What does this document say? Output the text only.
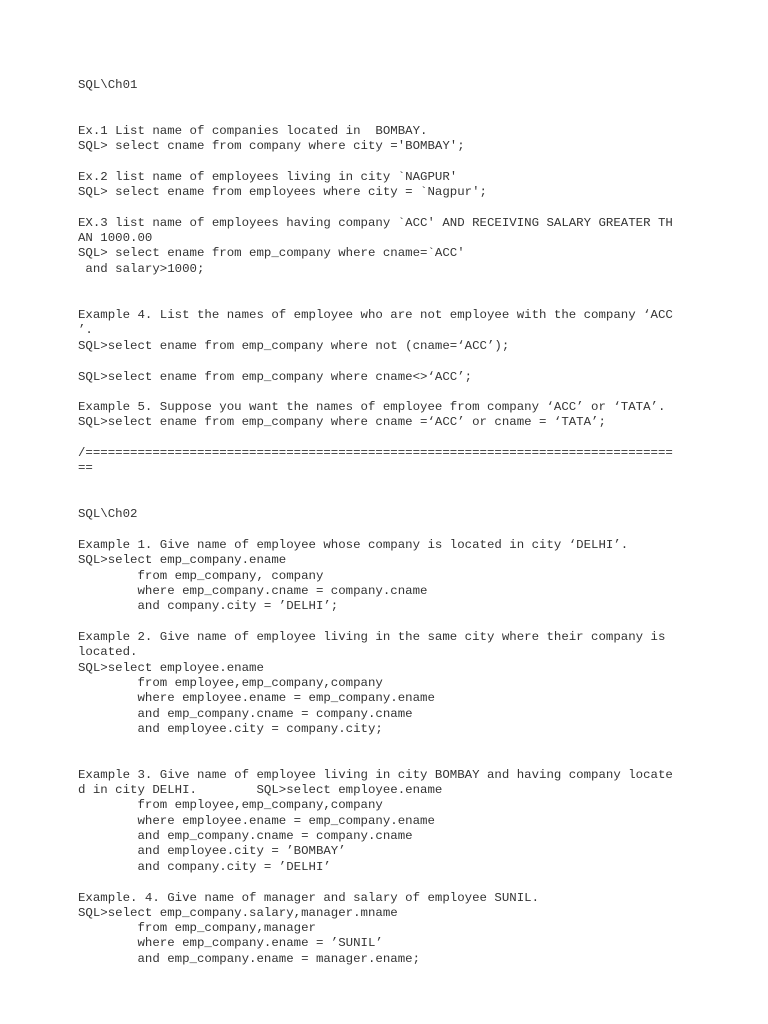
SQL\Ch01
Ex.1 List name of companies located in  BOMBAY.
SQL> select cname from company where city ='BOMBAY';
Ex.2 list name of employees living in city `NAGPUR'
SQL> select ename from employees where city = `Nagpur';
EX.3 list name of employees having company `ACC' AND RECEIVING SALARY GREATER TH
AN 1000.00
SQL> select ename from emp_company where cname=`ACC'
and salary>1000;
Example 4. List the names of employee who are not employee with the company ‘ACC
’.
SQL>select ename from emp_company where not (cname=‘ACC’);
SQL>select ename from emp_company where cname<>‘ACC’;
Example 5. Suppose you want the names of employee from company ‘ACC’ or ‘TATA’.
SQL>select ename from emp_company where cname =‘ACC’ or cname = ‘TATA’;
/===============================================================================
==
SQL\Ch02
Example 1. Give name of employee whose company is located in city ‘DELHI’.
SQL>select emp_company.ename
from emp_company, company
where emp_company.cname = company.cname
and company.city = ’DELHI’;
Example 2. Give name of employee living in the same city where their company is
located.
SQL>select employee.ename
from employee,emp_company,company
where employee.ename = emp_company.ename
and emp_company.cname = company.cname
and employee.city = company.city;
Example 3. Give name of employee living in city BOMBAY and having company locate
d in city DELHI.        SQL>select employee.ename
from employee,emp_company,company
where employee.ename = emp_company.ename
and emp_company.cname = company.cname
and employee.city = ’BOMBAY’
and company.city = ’DELHI’
Example. 4. Give name of manager and salary of employee SUNIL.
SQL>select emp_company.salary,manager.mname
from emp_company,manager
where emp_company.ename = ’SUNIL’
and emp_company.ename = manager.ename;
